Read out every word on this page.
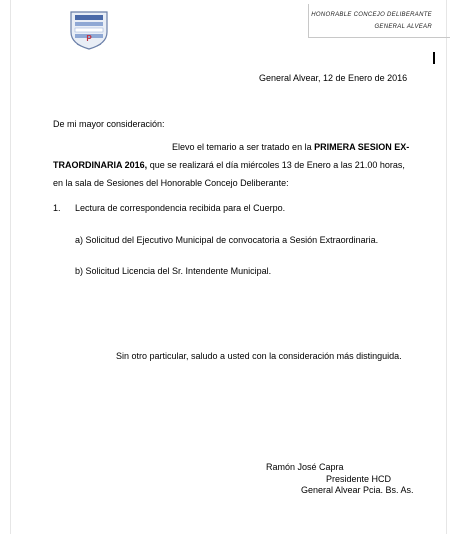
P
HONORABLE CONCEJO DELIBERANTE
GENERAL ALVEAR
General Alvear, 12 de Enero de 2016
De mi mayor consideración:
Elevo el temario a ser tratado en la PRIMERA SESION EX-
TRAORDINARIA 2016, que se realizará el día miércoles 13 de Enero a las 21.00 horas,
en la sala de Sesiones del Honorable Concejo Deliberante:
1. Lectura de correspondencia recibida para el Cuerpo.
a) Solicitud del Ejecutivo Municipal de convocatoria a Sesión Extraordinaria.
b) Solicitud Licencia del Sr. Intendente Municipal.
Sin otro particular, saludo a usted con la consideración más distinguida.
Ramón José Capra
Presidente HCD
General Alvear Pcia. Bs. As.
